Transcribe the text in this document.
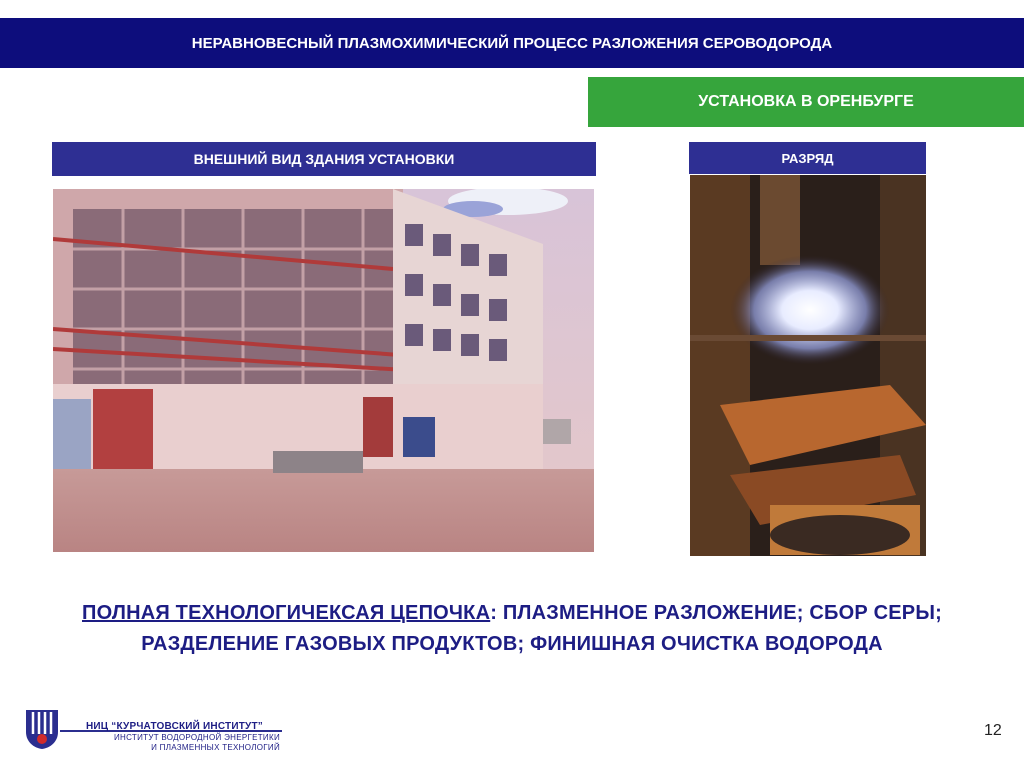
НЕРАВНОВЕСНЫЙ ПЛАЗМОХИМИЧЕСКИЙ ПРОЦЕСС РАЗЛОЖЕНИЯ СЕРОВОДОРОДА
УСТАНОВКА В ОРЕНБУРГЕ
ВНЕШНИЙ ВИД ЗДАНИЯ УСТАНОВКИ	РАЗРЯД
ПОЛНАЯ ТЕХНОЛОГИЧЕКСАЯ ЦЕПОЧКА: ПЛАЗМЕННОЕ РАЗЛОЖЕНИЕ; СБОР СЕРЫ; РАЗДЕЛЕНИЕ ГАЗОВЫХ ПРОДУКТОВ; ФИНИШНАЯ ОЧИСТКА ВОДОРОДА
НИЦ “КУРЧАТОВСКИЙ ИНСТИТУТ”
ИНСТИТУТ ВОДОРОДНОЙ ЭНЕРГЕТИКИ
И ПЛАЗМЕННЫХ ТЕХНОЛОГИЙ
12
